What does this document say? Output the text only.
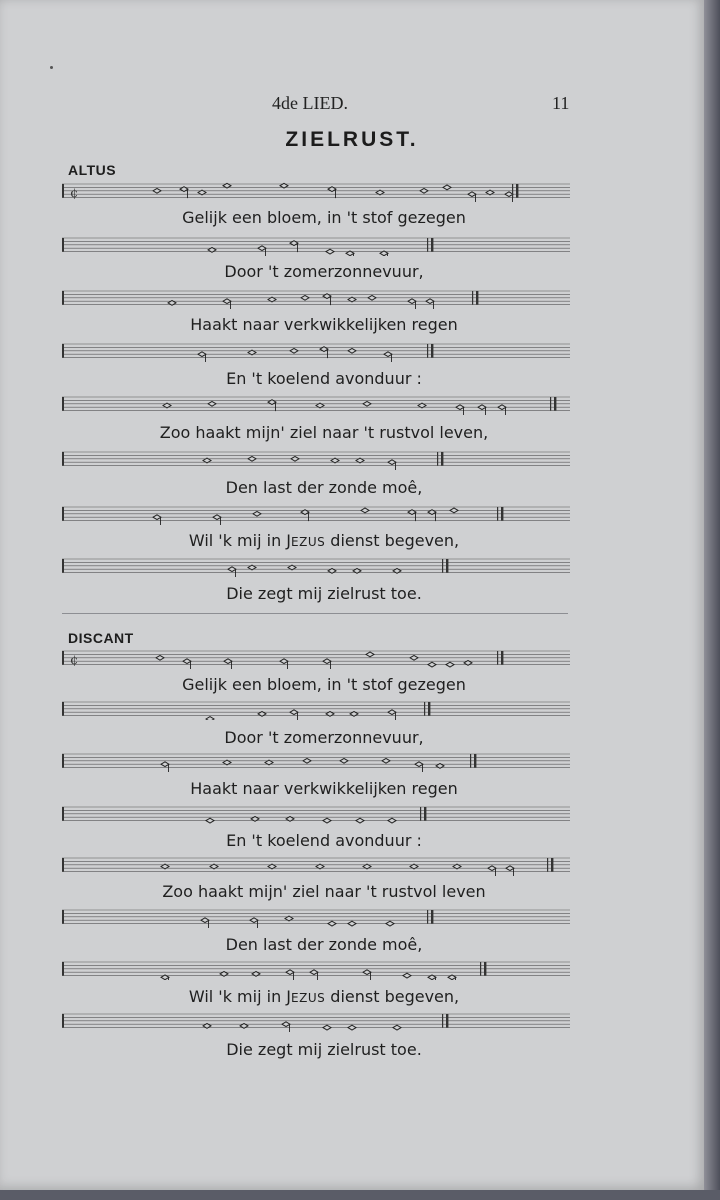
4de LIED.	11
ZIELRUST.
ALTUS
¢
Gelijk een bloem, in 't stof gezegen
Door 't zomerzonnevuur,
Haakt naar verkwikkelijken regen
En 't koelend avonduur :
Zoo haakt mijn' ziel naar 't rustvol leven,
Den last der zonde moê,
Wil 'k mij in JEZUS dienst begeven,
Die zegt mij zielrust toe.
DISCANT
¢
Gelijk een bloem, in 't stof gezegen
Door 't zomerzonnevuur,
Haakt naar verkwikkelijken regen
En 't koelend avonduur :
Zoo haakt mijn' ziel naar 't rustvol leven
Den last der zonde moê,
Wil 'k mij in JEZUS dienst begeven,
Die zegt mij zielrust toe.
